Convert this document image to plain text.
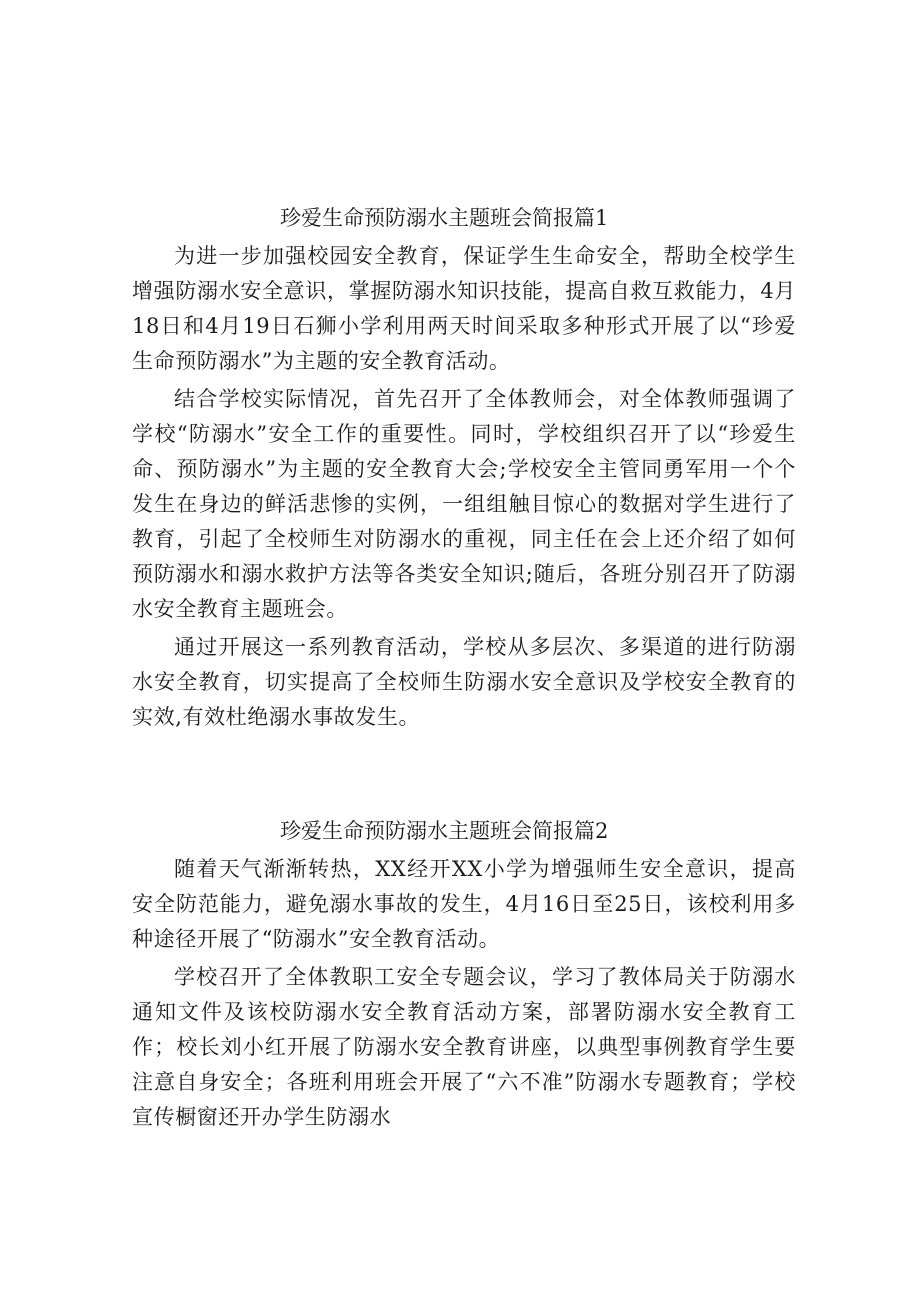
珍爱生命预防溺水主题班会简报篇1

为进一步加强校园安全教育，保证学生生命安全，帮助全校学生增强防溺水安全意识，掌握防溺水知识技能，提高自救互救能力，4月18日和4月19日石狮小学利用两天时间采取多种形式开展了以“珍爱生命预防溺水”为主题的安全教育活动。

结合学校实际情况，首先召开了全体教师会，对全体教师强调了学校“防溺水”安全工作的重要性。同时，学校组织召开了以“珍爱生命、预防溺水”为主题的安全教育大会;学校安全主管同勇军用一个个发生在身边的鲜活悲惨的实例，一组组触目惊心的数据对学生进行了教育，引起了全校师生对防溺水的重视，同主任在会上还介绍了如何预防溺水和溺水救护方法等各类安全知识;随后，各班分别召开了防溺水安全教育主题班会。

通过开展这一系列教育活动，学校从多层次、多渠道的进行防溺水安全教育，切实提高了全校师生防溺水安全意识及学校安全教育的实效,有效杜绝溺水事故发生。

珍爱生命预防溺水主题班会简报篇2

随着天气渐渐转热，XX经开XX小学为增强师生安全意识，提高安全防范能力，避免溺水事故的发生，4月16日至25日，该校利用多种途径开展了“防溺水”安全教育活动。

学校召开了全体教职工安全专题会议，学习了教体局关于防溺水通知文件及该校防溺水安全教育活动方案，部署防溺水安全教育工作；校长刘小红开展了防溺水安全教育讲座，以典型事例教育学生要注意自身安全；各班利用班会开展了“六不准”防溺水专题教育；学校宣传橱窗还开办学生防溺水
